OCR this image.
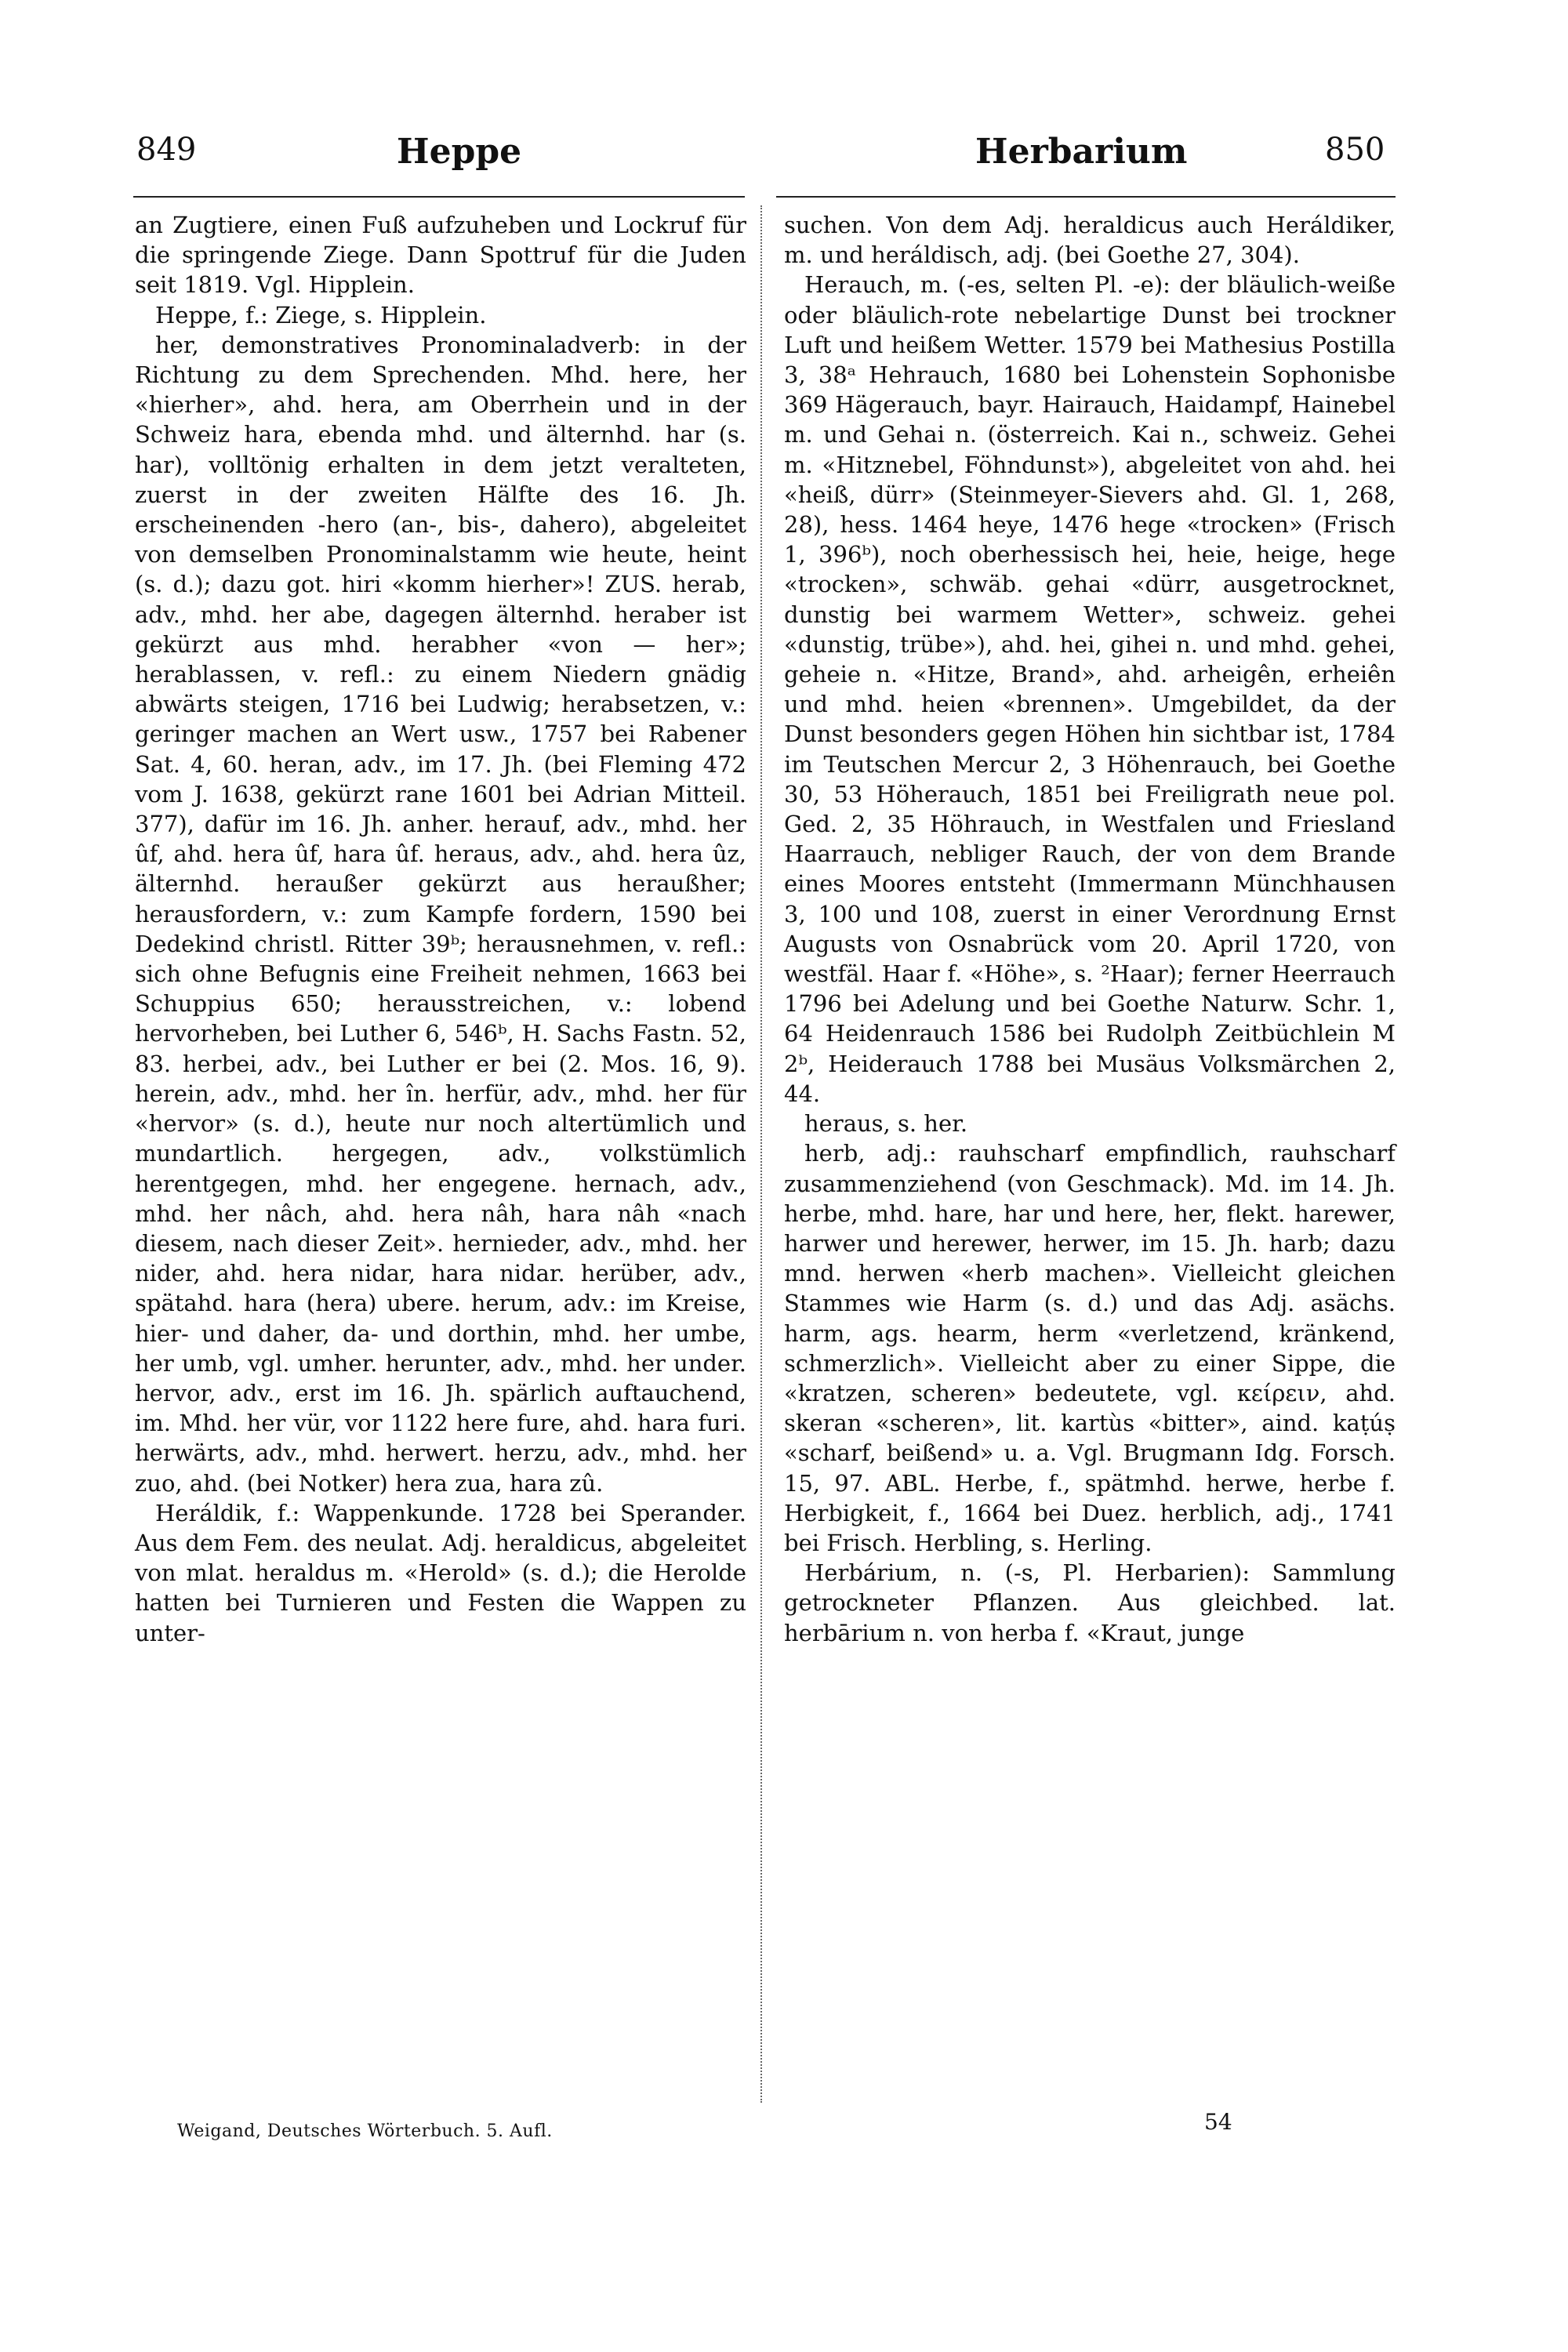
849	Heppe	Herbarium	850

an Zugtiere, einen Fuß aufzuheben und Lockruf für die springende Ziege. Dann Spottruf für die Juden seit 1819. Vgl. Hipplein.

Heppe, f.: Ziege, s. Hipplein.

her, demonstratives Pronominaladverb: in der Richtung zu dem Sprechenden. Mhd. here, her «hierher», ahd. hera, am Oberrhein und in der Schweiz hara, ebenda mhd. und älternhd. har (s. har), volltönig erhalten in dem jetzt veralteten, zuerst in der zweiten Hälfte des 16. Jh. erscheinenden -hero (an-, bis-, dahero), abgeleitet von demselben Pronominalstamm wie heute, heint (s. d.); dazu got. hiri «komm hierher»! ZUS. herab, adv., mhd. her abe, dagegen älternhd. heraber ist gekürzt aus mhd. herabher «von — her»; herablassen, v. refl.: zu einem Niedern gnädig abwärts steigen, 1716 bei Ludwig; herabsetzen, v.: geringer machen an Wert usw., 1757 bei Rabener Sat. 4, 60. heran, adv., im 17. Jh. (bei Fleming 472 vom J. 1638, gekürzt rane 1601 bei Adrian Mitteil. 377), dafür im 16. Jh. anher. herauf, adv., mhd. her ûf, ahd. hera ûf, hara ûf. heraus, adv., ahd. hera ûz, älternhd. heraußer gekürzt aus heraußher; herausfordern, v.: zum Kampfe fordern, 1590 bei Dedekind christl. Ritter 39ᵇ; herausnehmen, v. refl.: sich ohne Befugnis eine Freiheit nehmen, 1663 bei Schuppius 650; herausstreichen, v.: lobend hervorheben, bei Luther 6, 546ᵇ, H. Sachs Fastn. 52, 83. herbei, adv., bei Luther er bei (2. Mos. 16, 9). herein, adv., mhd. her în. herfür, adv., mhd. her für «hervor» (s. d.), heute nur noch altertümlich und mundartlich. hergegen, adv., volkstümlich herentgegen, mhd. her engegene. hernach, adv., mhd. her nâch, ahd. hera nâh, hara nâh «nach diesem, nach dieser Zeit». hernieder, adv., mhd. her nider, ahd. hera nidar, hara nidar. herüber, adv., spätahd. hara (hera) ubere. herum, adv.: im Kreise, hier- und daher, da- und dorthin, mhd. her umbe, her umb, vgl. umher. herunter, adv., mhd. her under. hervor, adv., erst im 16. Jh. spärlich auftauchend, im. Mhd. her vür, vor 1122 here fure, ahd. hara furi. herwärts, adv., mhd. herwert. herzu, adv., mhd. her zuo, ahd. (bei Notker) hera zua, hara zû.

Heráldik, f.: Wappenkunde. 1728 bei Sperander. Aus dem Fem. des neulat. Adj. heraldicus, abgeleitet von mlat. heraldus m. «Herold» (s. d.); die Herolde hatten bei Turnieren und Festen die Wappen zu unter-

suchen. Von dem Adj. heraldicus auch Heráldiker, m. und heráldisch, adj. (bei Goethe 27, 304).

Herauch, m. (-es, selten Pl. -e): der bläulich-weiße oder bläulich-rote nebelartige Dunst bei trockner Luft und heißem Wetter. 1579 bei Mathesius Postilla 3, 38ᵃ Hehrauch, 1680 bei Lohenstein Sophonisbe 369 Hägerauch, bayr. Hairauch, Haidampf, Hainebel m. und Gehai n. (österreich. Kai n., schweiz. Gehei m. «Hitznebel, Föhndunst»), abgeleitet von ahd. hei «heiß, dürr» (Steinmeyer-Sievers ahd. Gl. 1, 268, 28), hess. 1464 heye, 1476 hege «trocken» (Frisch 1, 396ᵇ), noch oberhessisch hei, heie, heige, hege «trocken», schwäb. gehai «dürr, ausgetrocknet, dunstig bei warmem Wetter», schweiz. gehei «dunstig, trübe»), ahd. hei, gihei n. und mhd. gehei, geheie n. «Hitze, Brand», ahd. arheigên, erheiên und mhd. heien «brennen». Umgebildet, da der Dunst besonders gegen Höhen hin sichtbar ist, 1784 im Teutschen Mercur 2, 3 Höhenrauch, bei Goethe 30, 53 Höherauch, 1851 bei Freiligrath neue pol. Ged. 2, 35 Höhrauch, in Westfalen und Friesland Haarrauch, nebliger Rauch, der von dem Brande eines Moores entsteht (Immermann Münchhausen 3, 100 und 108, zuerst in einer Verordnung Ernst Augusts von Osnabrück vom 20. April 1720, von westfäl. Haar f. «Höhe», s. ²Haar); ferner Heerrauch 1796 bei Adelung und bei Goethe Naturw. Schr. 1, 64 Heidenrauch 1586 bei Rudolph Zeitbüchlein M 2ᵇ, Heiderauch 1788 bei Musäus Volksmärchen 2, 44.

heraus, s. her.

herb, adj.: rauhscharf empfindlich, rauhscharf zusammenziehend (von Geschmack). Md. im 14. Jh. herbe, mhd. hare, har und here, her, flekt. harewer, harwer und herewer, herwer, im 15. Jh. harb; dazu mnd. herwen «herb machen». Vielleicht gleichen Stammes wie Harm (s. d.) und das Adj. asächs. harm, ags. hearm, herm «verletzend, kränkend, schmerzlich». Vielleicht aber zu einer Sippe, die «kratzen, scheren» bedeutete, vgl. κείρειν, ahd. skeran «scheren», lit. kartùs «bitter», aind. kaṭúṣ «scharf, beißend» u. a. Vgl. Brugmann Idg. Forsch. 15, 97. ABL. Herbe, f., spätmhd. herwe, herbe f. Herbigkeit, f., 1664 bei Duez. herblich, adj., 1741 bei Frisch. Herbling, s. Herling.

Herbárium, n. (-s, Pl. Herbarien): Sammlung getrockneter Pflanzen. Aus gleichbed. lat. herbārium n. von herba f. «Kraut, junge

Weigand, Deutsches Wörterbuch. 5. Aufl.	54
